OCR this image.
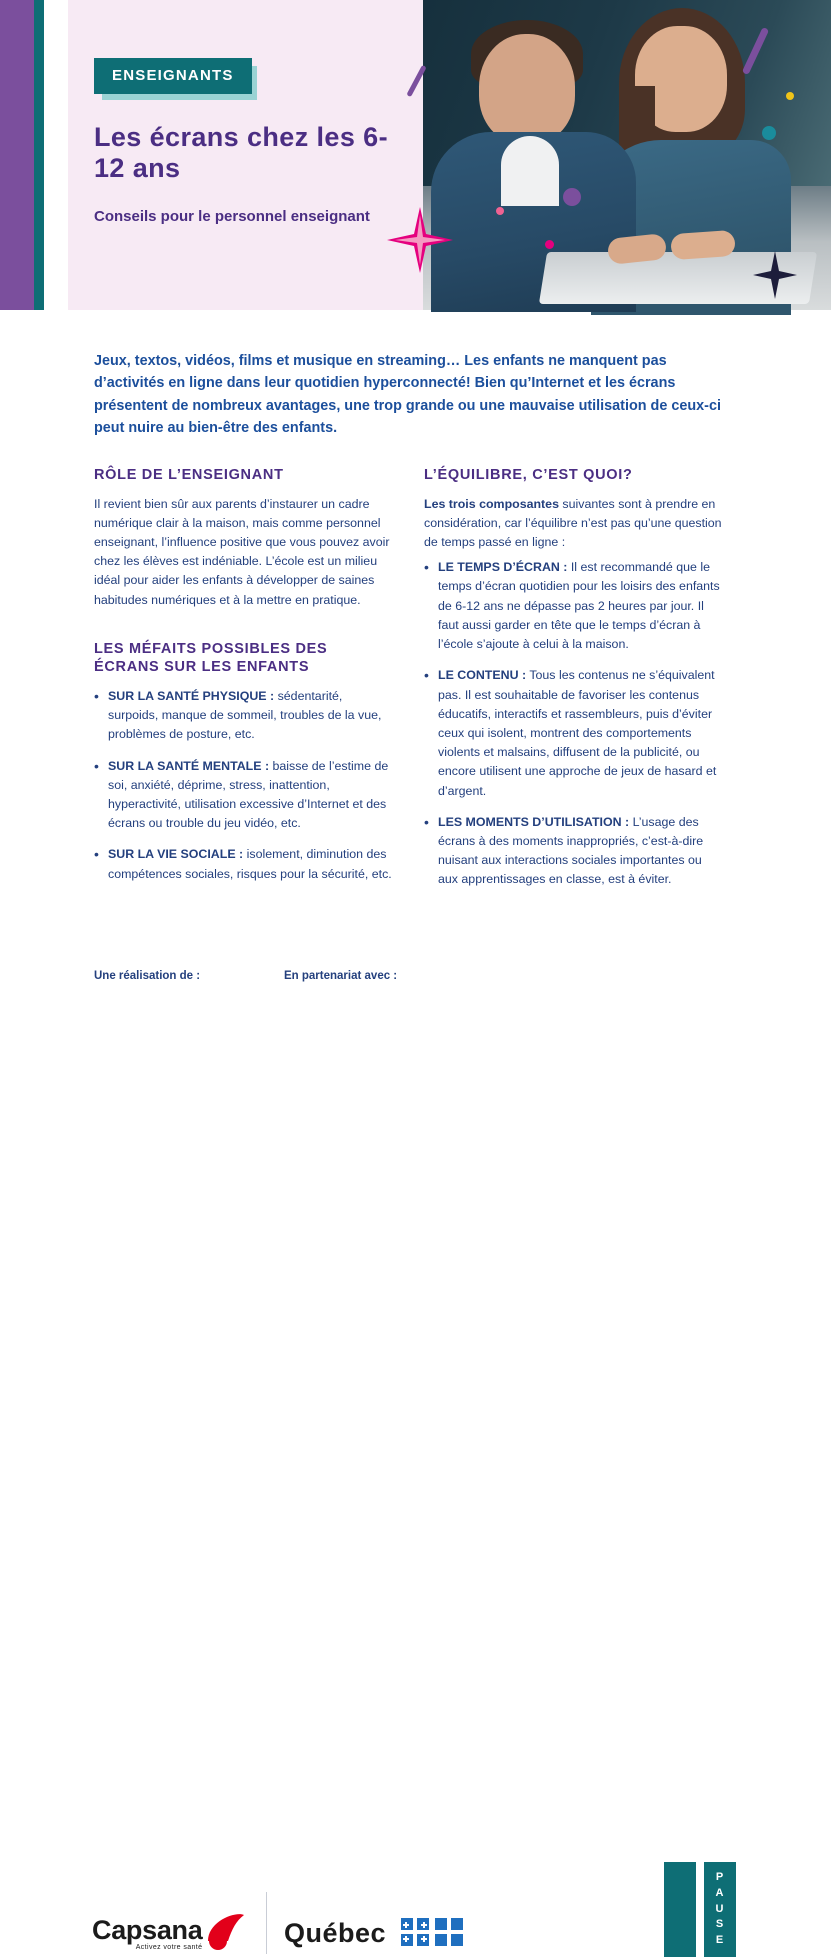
ENSEIGNANTS
Les écrans chez les 6-12 ans
Conseils pour le personnel enseignant
Jeux, textos, vidéos, films et musique en streaming… Les enfants ne manquent pas d’activités en ligne dans leur quotidien hyperconnecté! Bien qu’Internet et les écrans présentent de nombreux avantages, une trop grande ou une mauvaise utilisation de ceux-ci peut nuire au bien-être des enfants.
RÔLE DE L’ENSEIGNANT

Il revient bien sûr aux parents d’instaurer un cadre numérique clair à la maison, mais comme personnel enseignant, l’influence positive que vous pouvez avoir chez les élèves est indéniable. L’école est un milieu idéal pour aider les enfants à développer de saines habitudes numériques et à la mettre en pratique.

LES MÉFAITS POSSIBLES DES ÉCRANS SUR LES ENFANTS
• SUR LA SANTÉ PHYSIQUE : sédentarité, surpoids, manque de sommeil, troubles de la vue, problèmes de posture, etc.
• SUR LA SANTÉ MENTALE : baisse de l’estime de soi, anxiété, déprime, stress, inattention, hyperactivité, utilisation excessive d’Internet et des écrans ou trouble du jeu vidéo, etc.
• SUR LA VIE SOCIALE : isolement, diminution des compétences sociales, risques pour la sécurité, etc.
L’ÉQUILIBRE, C’EST QUOI?

Les trois composantes suivantes sont à prendre en considération, car l’équilibre n’est pas qu’une question de temps passé en ligne :

• LE TEMPS D’ÉCRAN : Il est recommandé que le temps d’écran quotidien pour les loisirs des enfants de 6-12 ans ne dépasse pas 2 heures par jour. Il faut aussi garder en tête que le temps d’écran à l’école s’ajoute à celui à la maison.
• LE CONTENU : Tous les contenus ne s’équivalent pas. Il est souhaitable de favoriser les contenus éducatifs, interactifs et rassembleurs, puis d’éviter ceux qui isolent, montrent des comportements violents et malsains, diffusent de la publicité, ou encore utilisent une approche de jeux de hasard et d’argent.
• LES MOMENTS D’UTILISATION : L’usage des écrans à des moments inappropriés, c’est-à-dire nuisant aux interactions sociales importantes ou aux apprentissages en classe, est à éviter.
Une réalisation de :	En partenariat avec :
Capsana
Activez votre santé	Québec
P
A
U
S
E
